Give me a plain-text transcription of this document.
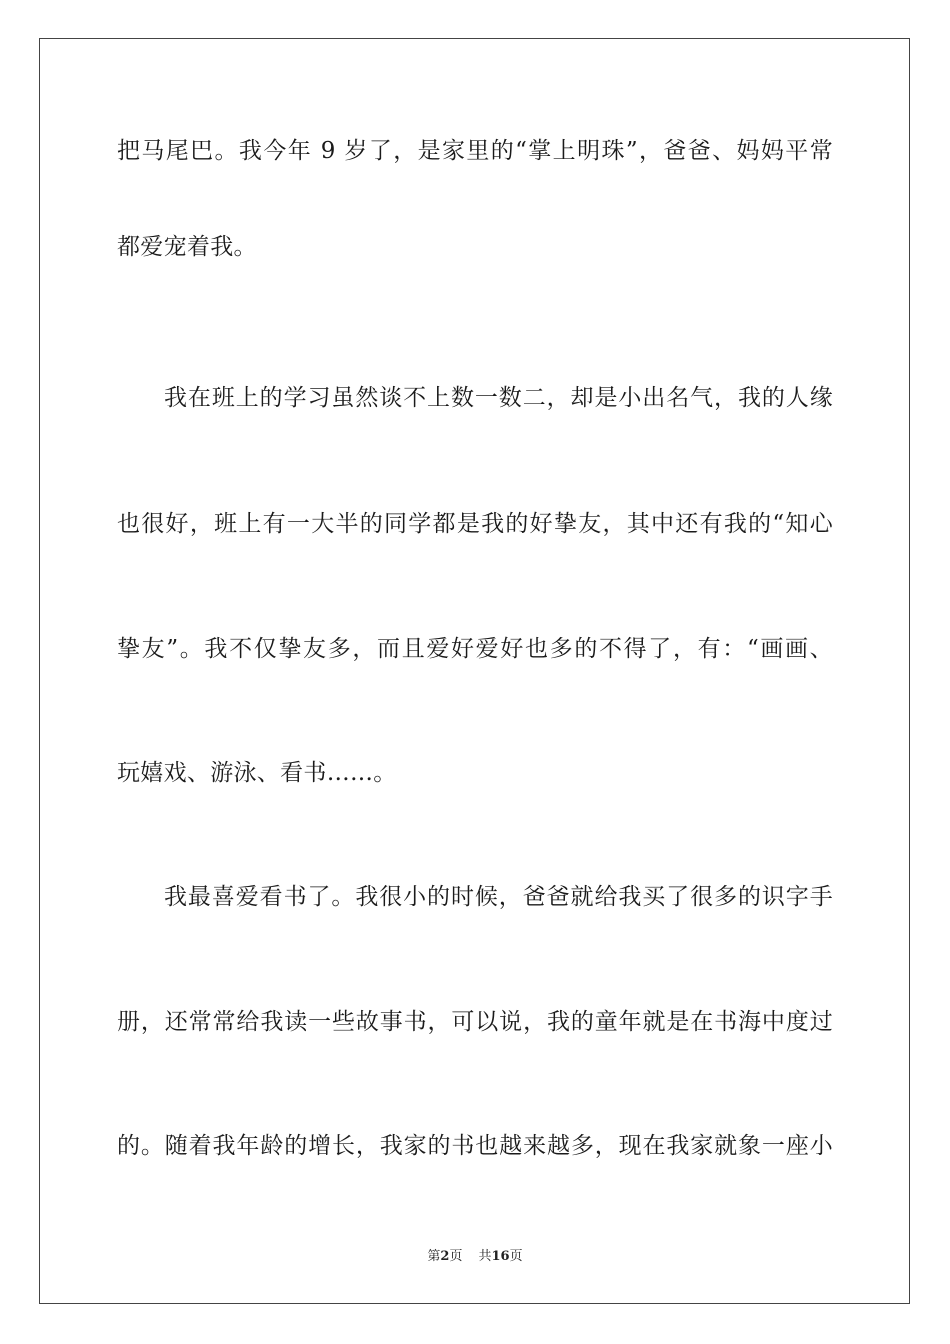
把马尾巴。我今年 9 岁了，是家里的“掌上明珠”，爸爸、妈妈平常
都爱宠着我。
我在班上的学习虽然谈不上数一数二，却是小出名气，我的人缘
也很好，班上有一大半的同学都是我的好挚友，其中还有我的“知心
挚友”。我不仅挚友多，而且爱好爱好也多的不得了，有：“画画、
玩嬉戏、游泳、看书……。
我最喜爱看书了。我很小的时候，爸爸就给我买了很多的识字手
册，还常常给我读一些故事书，可以说，我的童年就是在书海中度过
的。随着我年龄的增长，我家的书也越来越多，现在我家就象一座小
第2页 共16页
